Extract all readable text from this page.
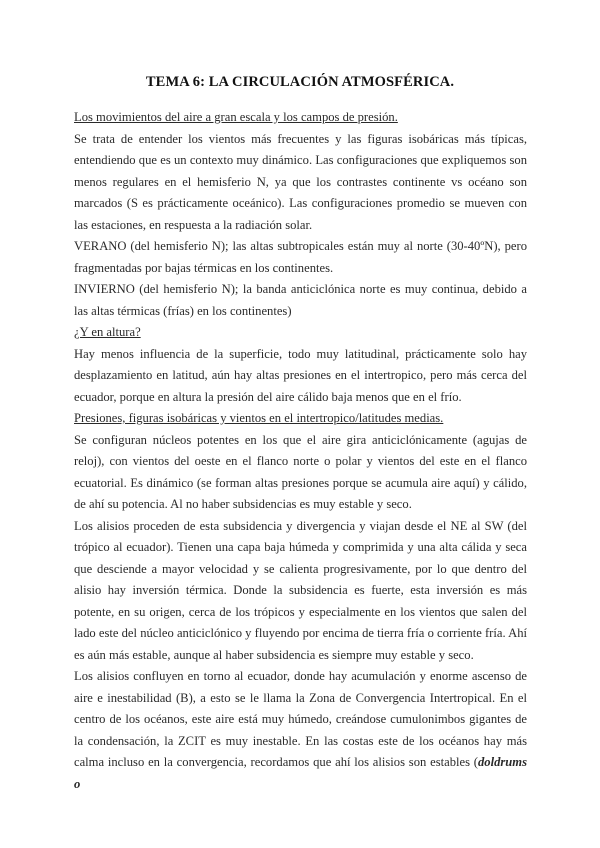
TEMA 6: LA CIRCULACIÓN ATMOSFÉRICA.

Los movimientos del aire a gran escala y los campos de presión.

Se trata de entender los vientos más frecuentes y las figuras isobáricas más típicas, entendiendo que es un contexto muy dinámico. Las configuraciones que expliquemos son menos regulares en el hemisferio N, ya que los contrastes continente vs océano son marcados (S es prácticamente oceánico). Las configuraciones promedio se mueven con las estaciones, en respuesta a la radiación solar.

VERANO (del hemisferio N); las altas subtropicales están muy al norte (30-40ºN), pero fragmentadas por bajas térmicas en los continentes.

INVIERNO (del hemisferio N); la banda anticiclónica norte es muy continua, debido a las altas térmicas (frías) en los continentes)

¿Y en altura?

Hay menos influencia de la superficie, todo muy latitudinal, prácticamente solo hay desplazamiento en latitud, aún hay altas presiones en el intertropico, pero más cerca del ecuador, porque en altura la presión del aire cálido baja menos que en el frío.

Presiones, figuras isobáricas y vientos en el intertropico/latitudes medias.

Se configuran núcleos potentes en los que el aire gira anticiclónicamente (agujas de reloj), con vientos del oeste en el flanco norte o polar y vientos del este en el flanco ecuatorial. Es dinámico (se forman altas presiones porque se acumula aire aquí) y cálido, de ahí su potencia. Al no haber subsidencias es muy estable y seco.

Los alisios proceden de esta subsidencia y divergencia y viajan desde el NE al SW (del trópico al ecuador). Tienen una capa baja húmeda y comprimida y una alta cálida y seca que desciende a mayor velocidad y se calienta progresivamente, por lo que dentro del alisio hay inversión térmica. Donde la subsidencia es fuerte, esta inversión es más potente, en su origen, cerca de los trópicos y especialmente en los vientos que salen del lado este del núcleo anticiclónico y fluyendo por encima de tierra fría o corriente fría. Ahí es aún más estable, aunque al haber subsidencia es siempre muy estable y seco.

Los alisios confluyen en torno al ecuador, donde hay acumulación y enorme ascenso de aire e inestabilidad (B), a esto se le llama la Zona de Convergencia Intertropical. En el centro de los océanos, este aire está muy húmedo, creándose cumulonimbos gigantes de la condensación, la ZCIT es muy inestable. En las costas este de los océanos hay más calma incluso en la convergencia, recordamos que ahí los alisios son estables (doldrums o
